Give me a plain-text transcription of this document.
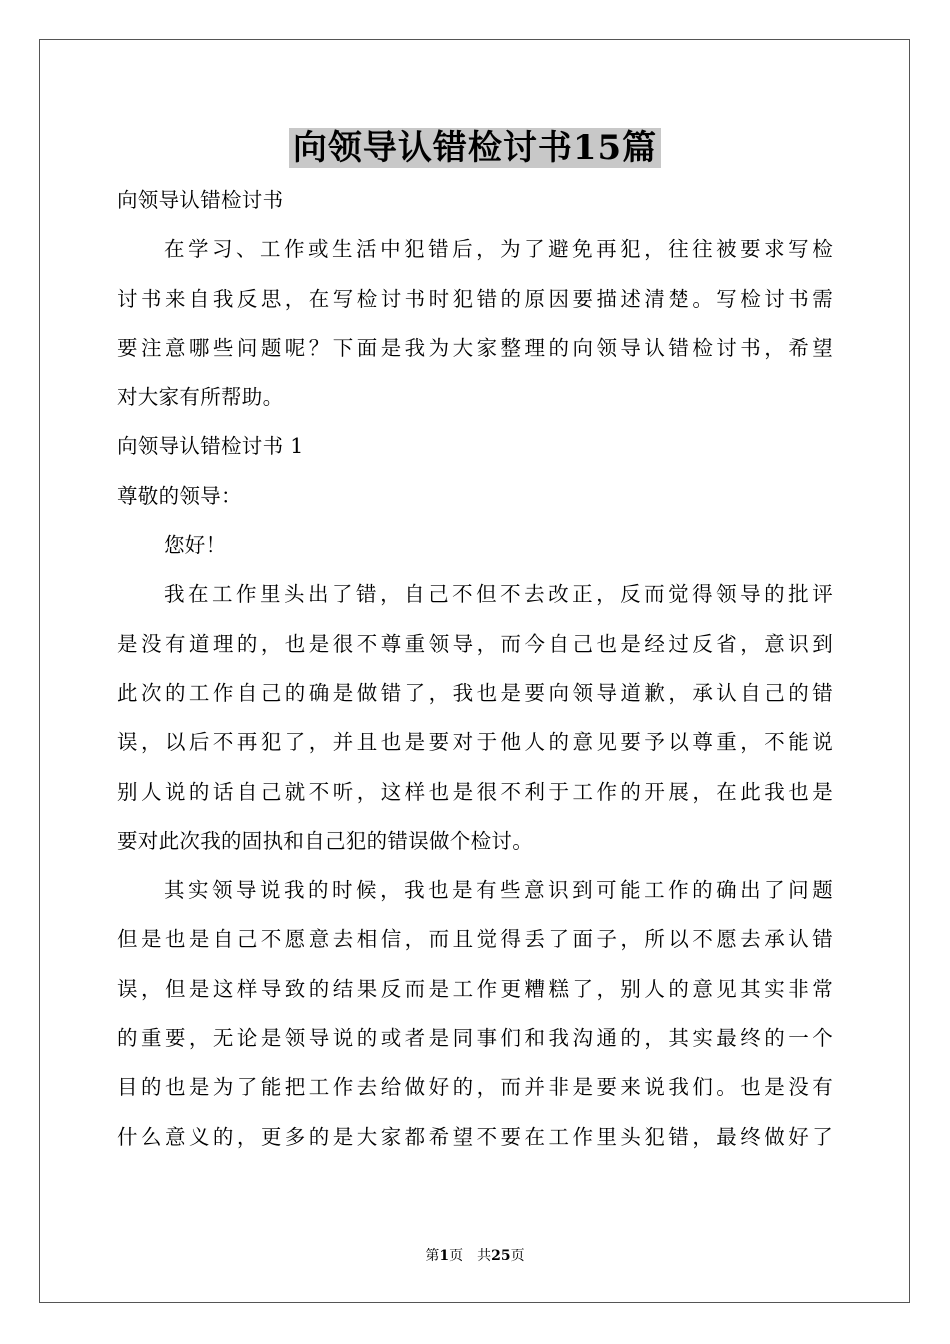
向领导认错检讨书15篇
向领导认错检讨书
在学习、工作或生活中犯错后，为了避免再犯，往往被要求写检
讨书来自我反思，在写检讨书时犯错的原因要描述清楚。写检讨书需
要注意哪些问题呢？下面是我为大家整理的向领导认错检讨书，希望
对大家有所帮助。
向领导认错检讨书 1
尊敬的领导：
您好！
我在工作里头出了错，自己不但不去改正，反而觉得领导的批评
是没有道理的，也是很不尊重领导，而今自己也是经过反省，意识到
此次的工作自己的确是做错了，我也是要向领导道歉，承认自己的错
误，以后不再犯了，并且也是要对于他人的意见要予以尊重，不能说
别人说的话自己就不听，这样也是很不利于工作的开展，在此我也是
要对此次我的固执和自己犯的错误做个检讨。
其实领导说我的时候，我也是有些意识到可能工作的确出了问题
但是也是自己不愿意去相信，而且觉得丢了面子，所以不愿去承认错
误，但是这样导致的结果反而是工作更糟糕了，别人的意见其实非常
的重要，无论是领导说的或者是同事们和我沟通的，其实最终的一个
目的也是为了能把工作去给做好的，而并非是要来说我们。也是没有
什么意义的，更多的是大家都希望不要在工作里头犯错，最终做好了
第1页　共25页
